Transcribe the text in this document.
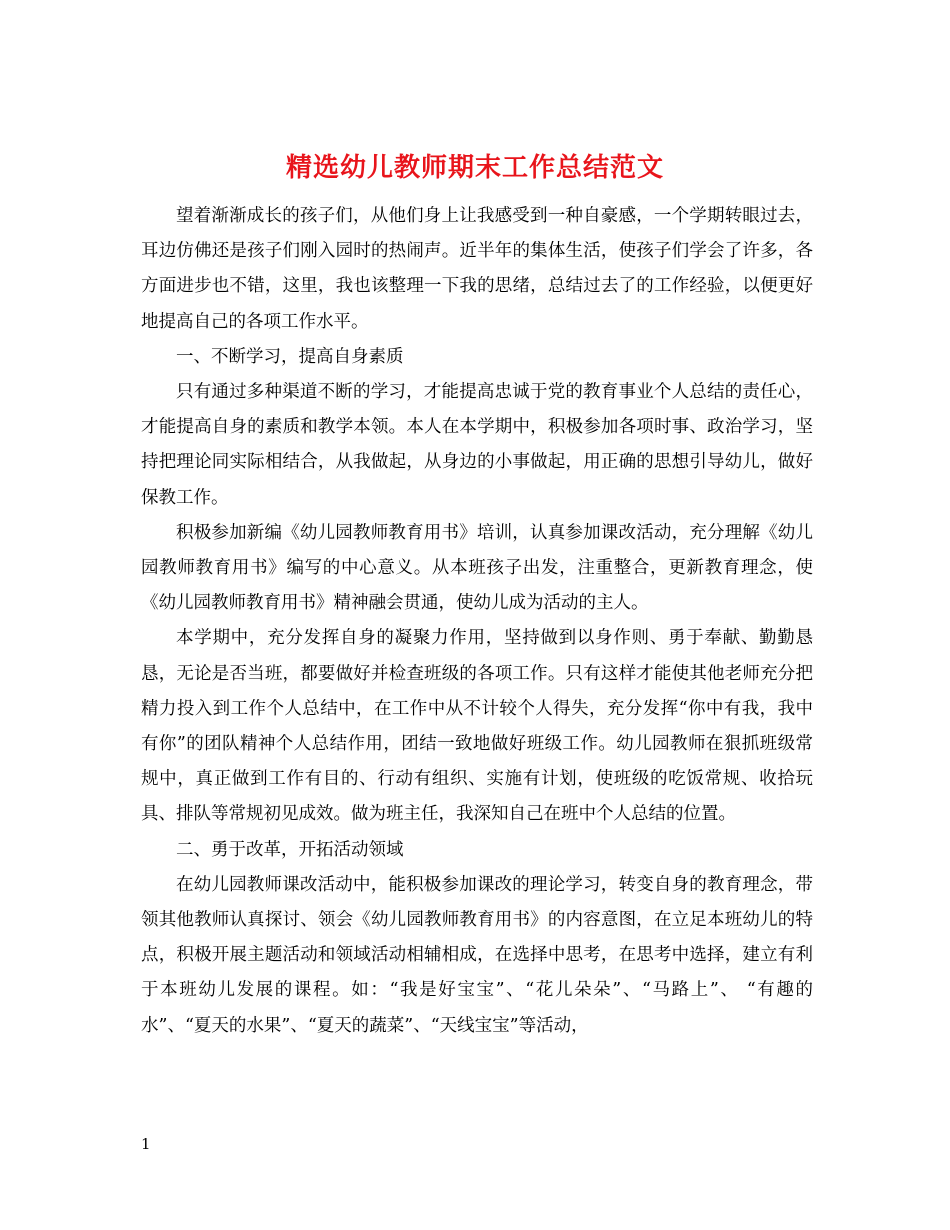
精选幼儿教师期末工作总结范文

望着渐渐成长的孩子们，从他们身上让我感受到一种自豪感，一个学期转眼过去，耳边仿佛还是孩子们刚入园时的热闹声。近半年的集体生活，使孩子们学会了许多，各方面进步也不错，这里，我也该整理一下我的思绪，总结过去了的工作经验，以便更好地提高自己的各项工作水平。

一、不断学习，提高自身素质

只有通过多种渠道不断的学习，才能提高忠诚于党的教育事业个人总结的责任心，才能提高自身的素质和教学本领。本人在本学期中，积极参加各项时事、政治学习，坚持把理论同实际相结合，从我做起，从身边的小事做起，用正确的思想引导幼儿，做好保教工作。

积极参加新编《幼儿园教师教育用书》培训，认真参加课改活动，充分理解《幼儿园教师教育用书》编写的中心意义。从本班孩子出发，注重整合，更新教育理念，使《幼儿园教师教育用书》精神融会贯通，使幼儿成为活动的主人。

本学期中，充分发挥自身的凝聚力作用，坚持做到以身作则、勇于奉献、勤勤恳恳，无论是否当班，都要做好并检查班级的各项工作。只有这样才能使其他老师充分把精力投入到工作个人总结中，在工作中从不计较个人得失，充分发挥“你中有我，我中有你”的团队精神个人总结作用，团结一致地做好班级工作。幼儿园教师在狠抓班级常规中，真正做到工作有目的、行动有组织、实施有计划，使班级的吃饭常规、收拾玩具、排队等常规初见成效。做为班主任，我深知自己在班中个人总结的位置。

二、勇于改革，开拓活动领域

在幼儿园教师课改活动中，能积极参加课改的理论学习，转变自身的教育理念，带领其他教师认真探讨、领会《幼儿园教师教育用书》的内容意图，在立足本班幼儿的特点，积极开展主题活动和领域活动相辅相成，在选择中思考，在思考中选择，建立有利于本班幼儿发展的课程。如：“我是好宝宝”、“花儿朵朵”、“马路上”、 “有趣的水”、“夏天的水果”、“夏天的蔬菜”、“天线宝宝”等活动，

1
